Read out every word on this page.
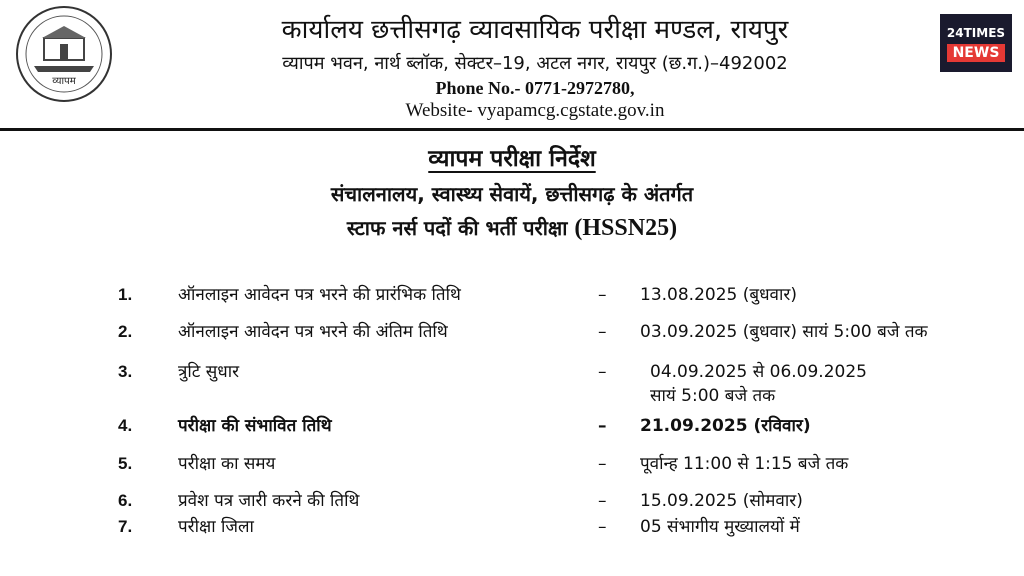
व्यापम
कार्यालय छत्तीसगढ़ व्यावसायिक परीक्षा मण्डल, रायपुर
व्यापम भवन, नार्थ ब्लॉक, सेक्टर–19, अटल नगर, रायपुर (छ.ग.)–492002
Phone No.- 0771-2972780,
Website- vyapamcg.cgstate.gov.in
24TIMES
NEWS
व्यापम परीक्षा निर्देश
संचालनालय, स्वास्थ्य सेवायें, छत्तीसगढ़ के अंतर्गत
स्टाफ नर्स पदों की भर्ती परीक्षा (HSSN25)
1.	ऑनलाइन आवेदन पत्र भरने की प्रारंभिक तिथि	– 13.08.2025 (बुधवार)
2.	ऑनलाइन आवेदन पत्र भरने की अंतिम तिथि	– 03.09.2025 (बुधवार) सायं 5:00 बजे तक
3.	त्रुटि सुधार	–	04.09.2025 से 06.09.2025
सायं 5:00 बजे तक
4.	परीक्षा की संभावित तिथि	– 21.09.2025 (रविवार)
5.	परीक्षा का समय	– पूर्वान्ह 11:00 से 1:15 बजे तक
6.	प्रवेश पत्र जारी करने की तिथि	– 15.09.2025 (सोमवार)
7.	परीक्षा जिला	– 05 संभागीय मुख्यालयों में
